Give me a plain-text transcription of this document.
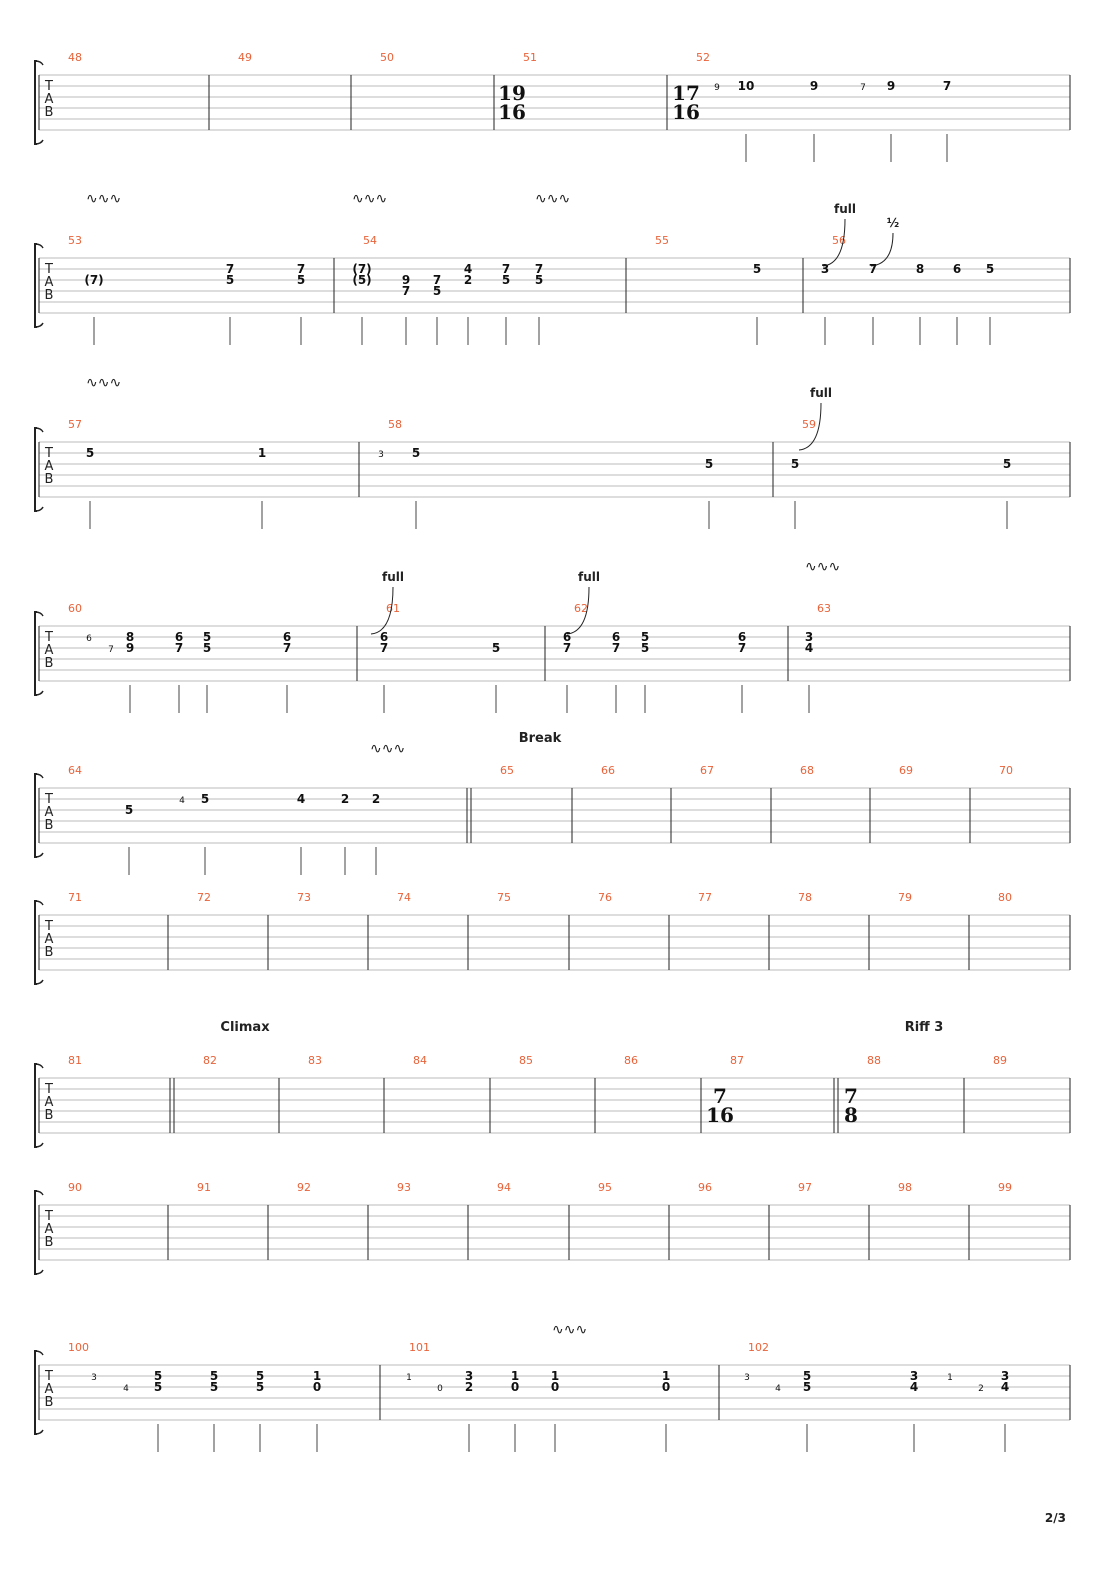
T
A
B
48	49	50	51	52
19
16
17
16
9 10	9	7 9	7
T
A
B
53	54	55	56
∿∿∿	∿∿∿	∿∿∿
full
½
(7)
7
5
7
5
(7)
(5)	9
7
7
5
4
2
7
5
7
5
5	3	7	8 6 5
T
A
B
57	58	59
∿∿∿
full
5	1	3 5
5	5	5
T
A
B
60	61	62	63
∿∿∿
full	full
6
7
8
9
6
7
5
5
6
7
6
7	5
6
7
6
7
5
5
6
7
3
4
T
A
B
64	65	66	67	68	69	70
Break
∿∿∿
5
4 5	4	2 2
T
A
B
71	72	73	74	75	76	77	78	79	80
T
A
B
81	82	83	84	85	86	87	88	89
7
16
7
8
Climax	Riff 3
T
A
B
90	91	92	93	94	95	96	97	98	99
T
A
B
100	101	102
∿∿∿
3
4
5
5
5
5
5
5
1
0
1
0
3
2
1
0
1
0
1
0
3
4
5
5
3
4
1
2
3
4
2/3
